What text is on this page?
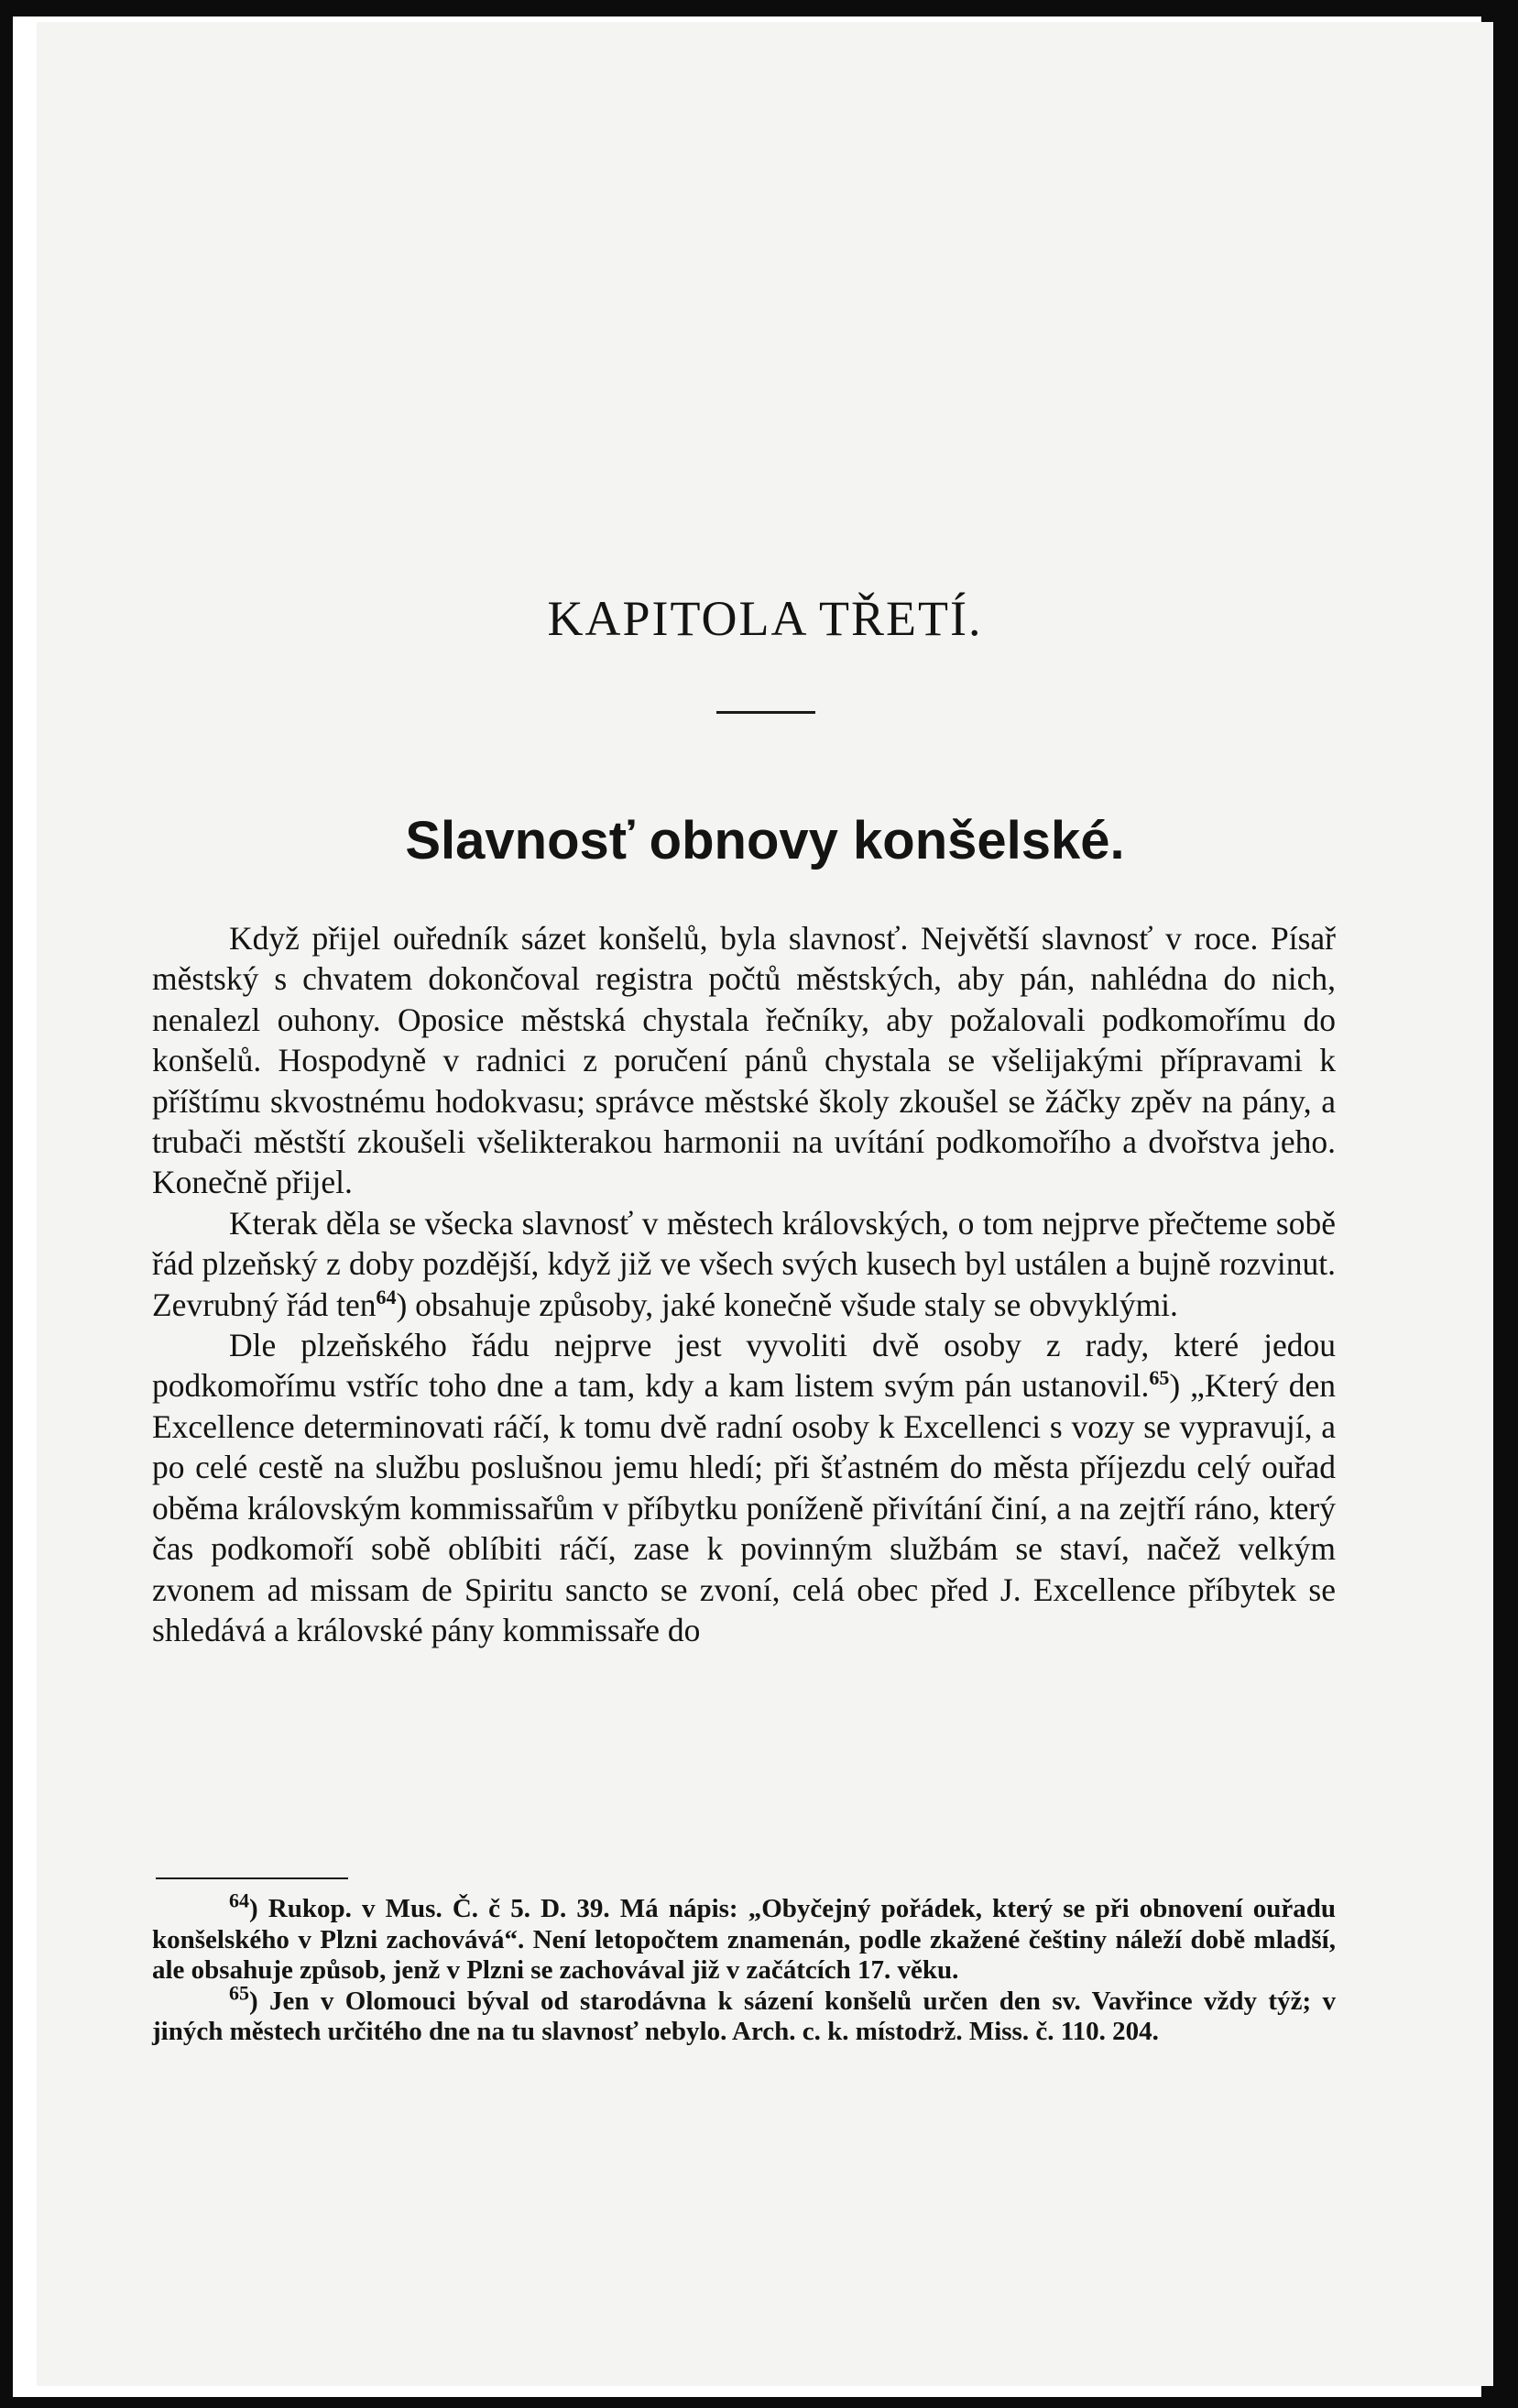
KAPITOLA TŘETÍ.
Slavnosť obnovy konšelské.

Když přijel ouředník sázet konšelů, byla slavnosť. Největší slavnosť v roce. Písař městský s chvatem dokončoval registra počtů městských, aby pán, nahlédna do nich, nenalezl ouhony. Oposice městská chystala řečníky, aby požalovali podkomořímu do konšelů. Hospodyně v radnici z poručení pánů chystala se všelijakými přípravami k příštímu skvostnému hodokvasu; správce městské školy zkoušel se žáčky zpěv na pány, a trubači městští zkoušeli všelikterakou harmonii na uvítání podkomořího a dvořstva jeho. Konečně přijel.

Kterak děla se všecka slavnosť v městech královských, o tom nejprve přečteme sobě řád plzeňský z doby pozdější, když již ve všech svých kusech byl ustálen a bujně rozvinut. Zevrubný řád ten$^{64}$) obsahuje způsoby, jaké konečně všude staly se obvyklými.

Dle plzeňského řádu nejprve jest vyvoliti dvě osoby z rady, které jedou podkomořímu vstříc toho dne a tam, kdy a kam listem svým pán ustanovil.$^{65}$) „Který den Excellence determinovati ráčí, k tomu dvě radní osoby k Excellenci s vozy se vypravují, a po celé cestě na službu poslušnou jemu hledí; při šťastném do města příjezdu celý ouřad oběma královským kommissařům v příbytku poníženě přivítání činí, a na zejtří ráno, který čas podkomoří sobě oblíbiti ráčí, zase k povinným službám se staví, načež velkým zvonem ad missam de Spiritu sancto se zvoní, celá obec před J. Excellence příbytek se shledává a královské pány kommissaře do

$^{64}$) Rukop. v Mus. Č. č 5. D. 39. Má nápis: „Obyčejný pořádek, který se při obnovení ouřadu konšelského v Plzni zachovává“. Není letopočtem znamenán, podle zkažené češtiny náleží době mladší, ale obsahuje způsob, jenž v Plzni se zachovával již v začátcích 17. věku.

$^{65}$) Jen v Olomouci býval od starodávna k sázení konšelů určen den sv. Vavřince vždy týž; v jiných městech určitého dne na tu slavnosť nebylo. Arch. c. k. místodrž. Miss. č. 110. 204.
